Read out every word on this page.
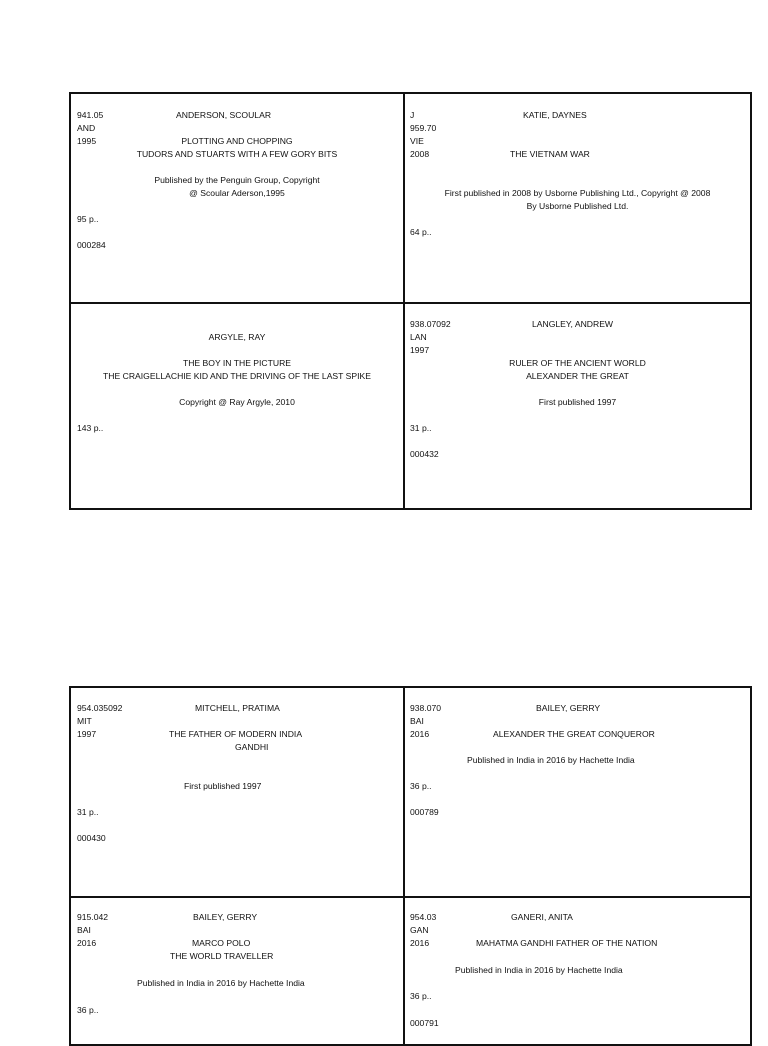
941.05
AND
1995
ANDERSON, SCOULAR
PLOTTING AND CHOPPING
TUDORS AND STUARTS WITH A FEW GORY BITS
Published by the Penguin Group, Copyright
@ Scoular Aderson,1995
95 p..
000284
J
959.70
VIE
2008
KATIE, DAYNES
THE VIETNAM WAR
First published in 2008 by Usborne Publishing Ltd., Copyright @ 2008
By Usborne Published Ltd.
64 p..
ARGYLE, RAY
THE BOY IN THE PICTURE
THE CRAIGELLACHIE KID AND THE DRIVING OF THE LAST SPIKE
Copyright @ Ray Argyle, 2010
143 p..
938.07092
LAN
1997
LANGLEY, ANDREW
RULER OF THE ANCIENT WORLD
ALEXANDER THE GREAT
First published 1997
31 p..
000432
954.035092
MIT
1997
MITCHELL, PRATIMA
THE FATHER OF MODERN INDIA
GANDHI
First published 1997
31 p..
000430
938.070
BAI
2016
BAILEY, GERRY
ALEXANDER THE GREAT CONQUEROR
Published in India in 2016 by Hachette India
36 p..
000789
915.042
BAI
2016
BAILEY, GERRY
MARCO POLO
THE WORLD TRAVELLER
Published in India in 2016 by Hachette India
36 p..
954.03
GAN
2016
GANERI, ANITA
MAHATMA GANDHI FATHER OF THE NATION
Published in India in 2016 by Hachette India
36 p..
000791
